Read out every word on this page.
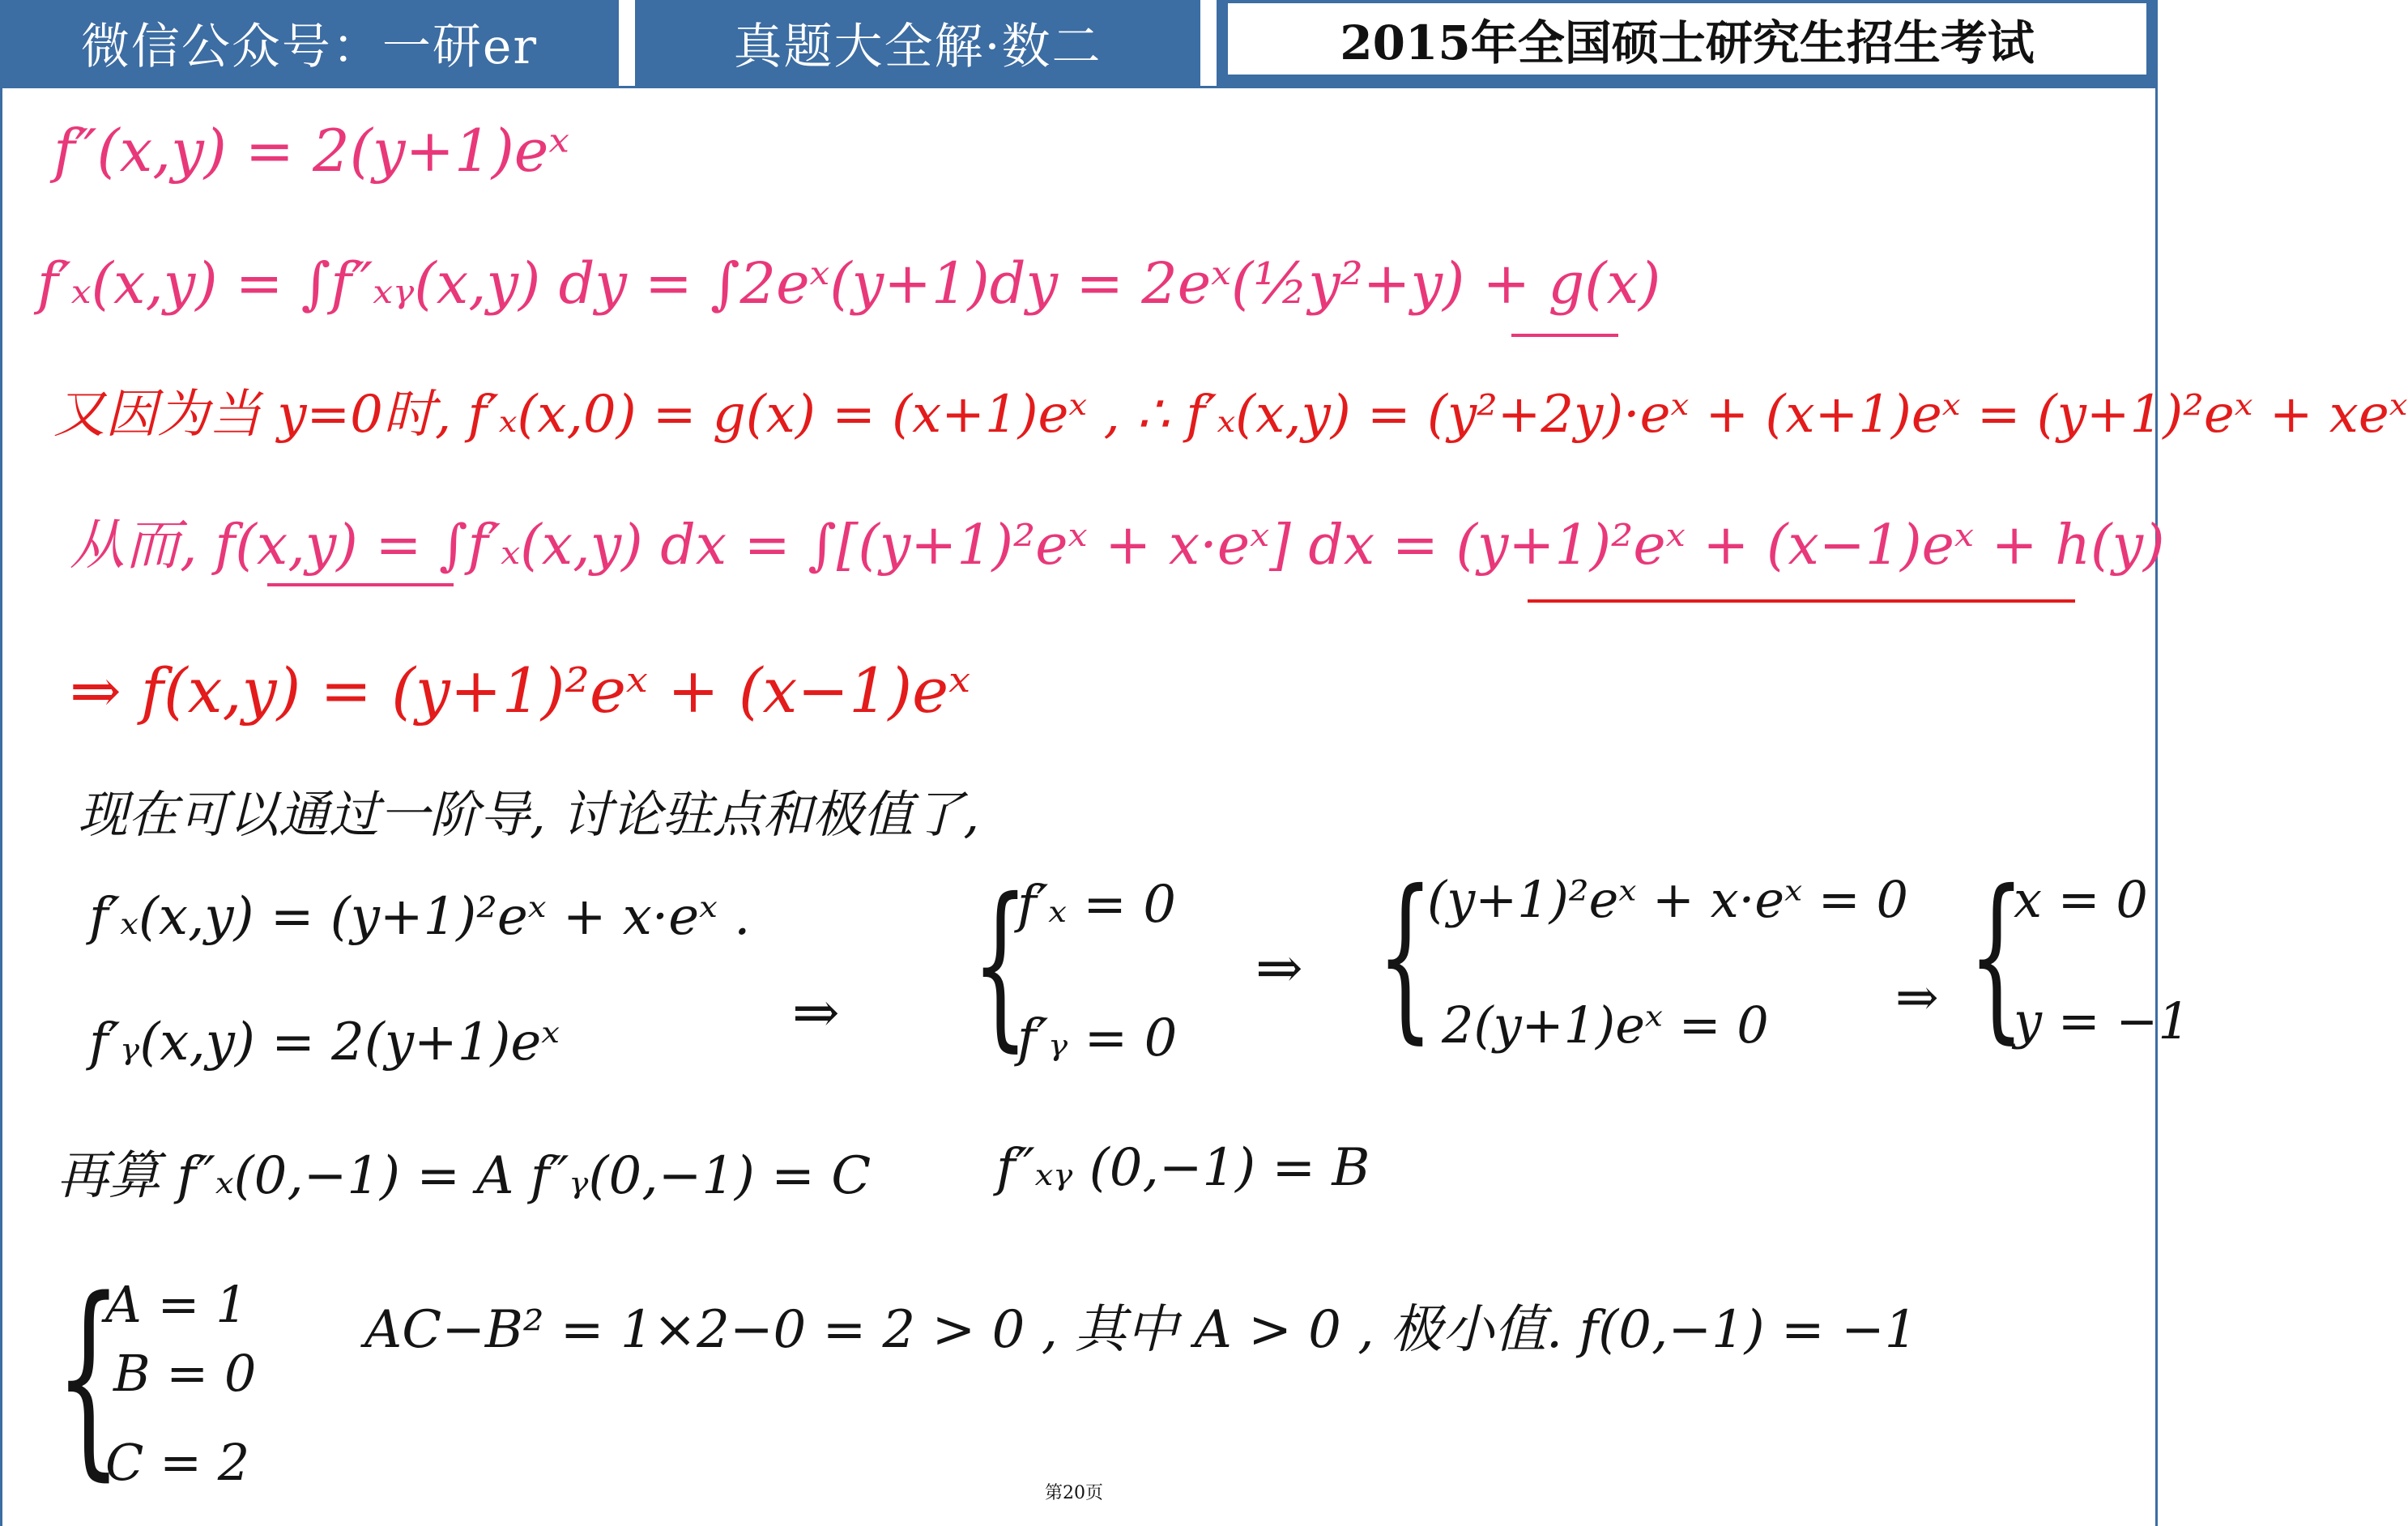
微信公众号：一研er	真题大全解·数二	2015年全国硕士研究生招生考试
f″(x,y) = 2(y+1)eˣ
f′ₓ(x,y) = ∫f″ₓᵧ(x,y) dy = ∫2eˣ(y+1)dy = 2eˣ(½y²+y) + g(x)
又因为当 y=0时, f′ₓ(x,0) = g(x) = (x+1)eˣ , ∴ f′ₓ(x,y) = (y²+2y)·eˣ + (x+1)eˣ = (y+1)²eˣ + xeˣ
从而, f(x,y) = ∫f′ₓ(x,y) dx = ∫[(y+1)²eˣ + x·eˣ] dx = (y+1)²eˣ + (x−1)eˣ + h(y)
⇒ f(x,y) = (y+1)²eˣ + (x−1)eˣ
现在可以通过一阶导, 讨论驻点和极值了,
f′ₓ(x,y) = (y+1)²eˣ + x·eˣ .
f′ᵧ(x,y) = 2(y+1)eˣ	⇒ {
f′ₓ = 0
f′ᵧ = 0
⇒ {
(y+1)²eˣ + x·eˣ = 0
2(y+1)eˣ = 0 ⇒ {
x = 0
y = −1
再算 f″ₓ(0,−1) = A f″ᵧ(0,−1) = C f″ₓᵧ (0,−1) = B
{
A = 1
B = 0
C = 2
AC−B² = 1×2−0 = 2 > 0 , 其中 A > 0 , 极小值. f(0,−1) = −1
第20页
